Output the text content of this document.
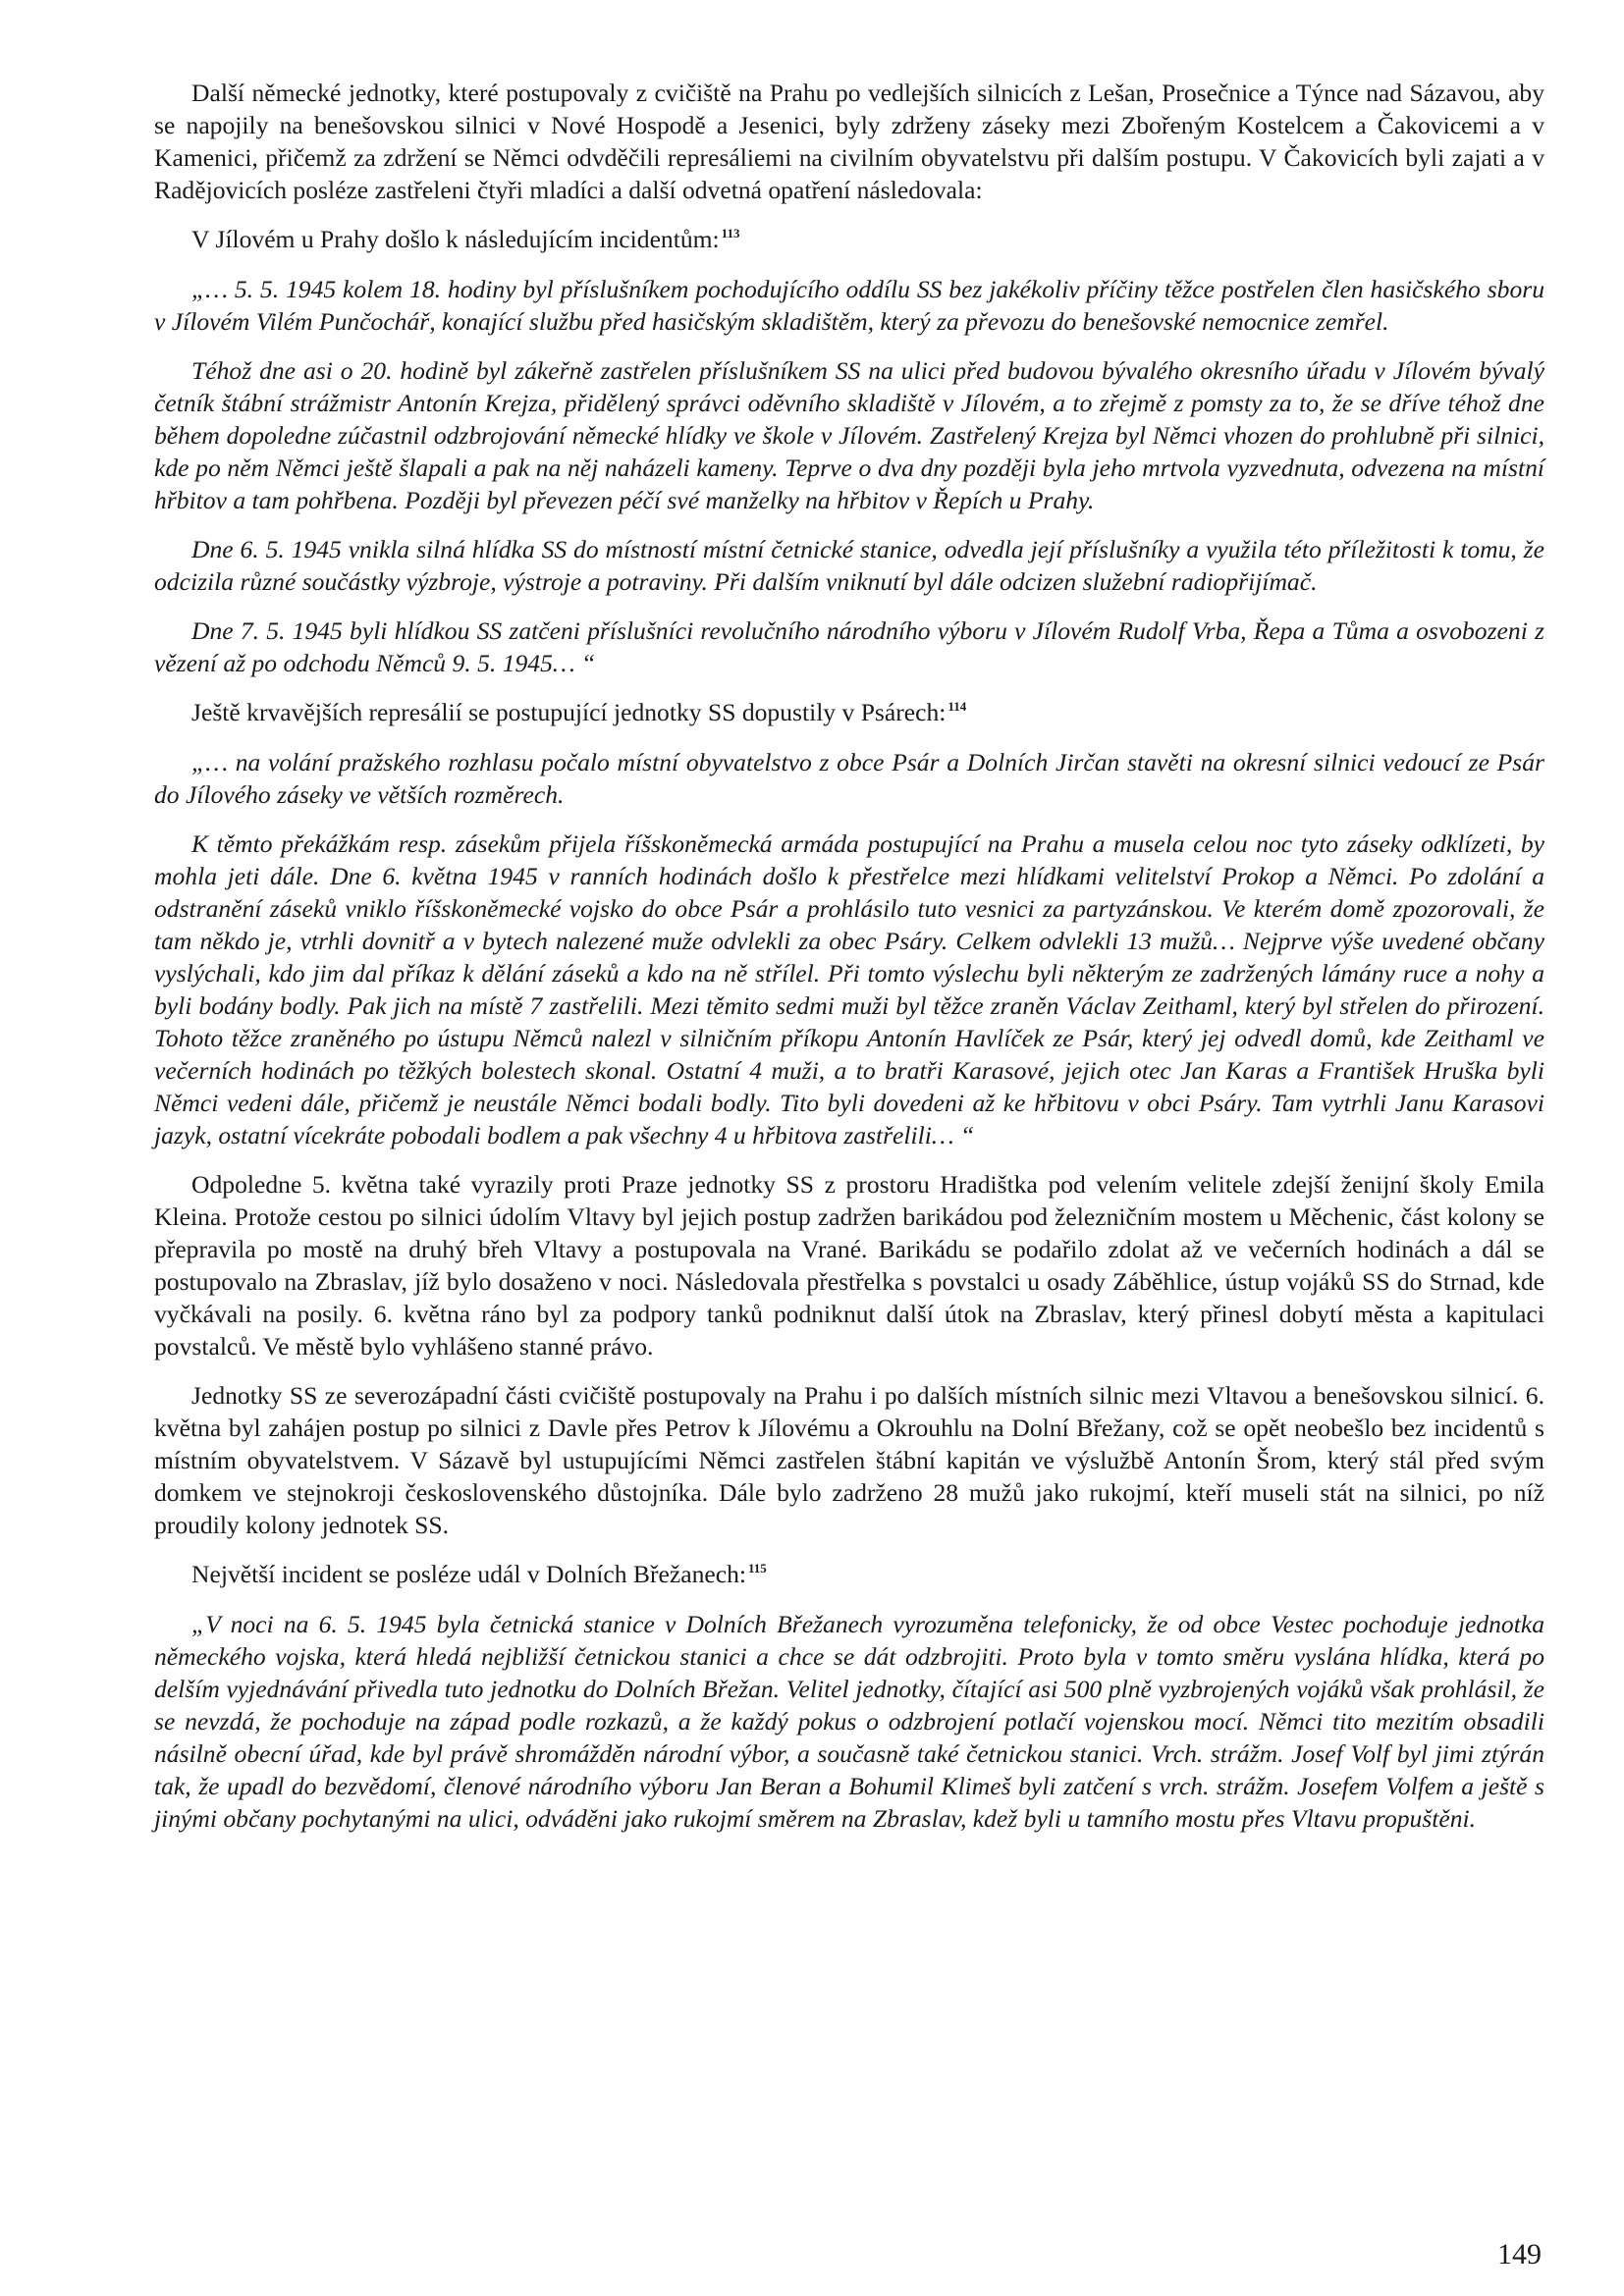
Další německé jednotky, které postupovaly z cvičiště na Prahu po vedlejších silnicích z Lešan, Prosečnice a Týnce nad Sázavou, aby se napojily na benešovskou silnici v Nové Hospodě a Jesenici, byly zdrženy záseky mezi Zbořeným Kostelcem a Čakovicemi a v Kamenici, přičemž za zdržení se Němci odvděčili represáliemi na civilním obyvatelstvu při dalším postupu. V Čakovicích byli zajati a v Radějovicích posléze zastřeleni čtyři mladíci a další odvetná opatření následovala:

V Jílovém u Prahy došlo k následujícím incidentům: $^{113}$

„… 5. 5. 1945 kolem 18. hodiny byl příslušníkem pochodujícího oddílu SS bez jakékoliv příčiny těžce postřelen člen hasičského sboru v Jílovém Vilém Punčochář, konající službu před hasičským skladištěm, který za převozu do benešovské nemocnice zemřel.

Téhož dne asi o 20. hodině byl zákeřně zastřelen příslušníkem SS na ulici před budovou bývalého okresního úřadu v Jílovém bývalý četník štábní strážmistr Antonín Krejza, přidělený správci oděvního skladiště v Jílovém, a to zřejmě z pomsty za to, že se dříve téhož dne během dopoledne zúčastnil odzbrojování německé hlídky ve škole v Jílovém. Zastřelený Krejza byl Němci vhozen do prohlubně při silnici, kde po něm Němci ještě šlapali a pak na něj naházeli kameny. Teprve o dva dny později byla jeho mrtvola vyzvednuta, odvezena na místní hřbitov a tam pohřbena. Později byl převezen péčí své manželky na hřbitov v Řepích u Prahy.

Dne 6. 5. 1945 vnikla silná hlídka SS do místností místní četnické stanice, odvedla její příslušníky a využila této příležitosti k tomu, že odcizila různé součástky výzbroje, výstroje a potraviny. Při dalším vniknutí byl dále odcizen služební radiopřijímač.

Dne 7. 5. 1945 byli hlídkou SS zatčeni příslušníci revolučního národního výboru v Jílovém Rudolf Vrba, Řepa a Tůma a osvobozeni z vězení až po odchodu Němců 9. 5. 1945… “

Ještě krvavějších represálií se postupující jednotky SS dopustily v Psárech: $^{114}$

„… na volání pražského rozhlasu počalo místní obyvatelstvo z obce Psár a Dolních Jirčan stavěti na okresní silnici vedoucí ze Psár do Jílového záseky ve větších rozměrech.

K těmto překážkám resp. zásekům přijela říšskoněmecká armáda postupující na Prahu a musela celou noc tyto záseky odklízeti, by mohla jeti dále. Dne 6. května 1945 v ranních hodinách došlo k přestřelce mezi hlídkami velitelství Prokop a Němci. Po zdolání a odstranění záseků vniklo říšskoněmecké vojsko do obce Psár a prohlásilo tuto vesnici za partyzánskou. Ve kterém domě zpozorovali, že tam někdo je, vtrhli dovnitř a v bytech nalezené muže odvlekli za obec Psáry. Celkem odvlekli 13 mužů… Nejprve výše uvedené občany vyslýchali, kdo jim dal příkaz k dělání záseků a kdo na ně střílel. Při tomto výslechu byli některým ze zadržených lámány ruce a nohy a byli bodány bodly. Pak jich na místě 7 zastřelili. Mezi těmito sedmi muži byl těžce zraněn Václav Zeithaml, který byl střelen do přirození. Tohoto těžce zraněného po ústupu Němců nalezl v silničním příkopu Antonín Havlíček ze Psár, který jej odvedl domů, kde Zeithaml ve večerních hodinách po těžkých bolestech skonal. Ostatní 4 muži, a to bratři Karasové, jejich otec Jan Karas a František Hruška byli Němci vedeni dále, přičemž je neustále Němci bodali bodly. Tito byli dovedeni až ke hřbitovu v obci Psáry. Tam vytrhli Janu Karasovi jazyk, ostatní vícekráte pobodali bodlem a pak všechny 4 u hřbitova zastřelili… “

Odpoledne 5. května také vyrazily proti Praze jednotky SS z prostoru Hradištka pod velením velitele zdejší ženijní školy Emila Kleina. Protože cestou po silnici údolím Vltavy byl jejich postup zadržen barikádou pod železničním mostem u Měchenic, část kolony se přepravila po mostě na druhý břeh Vltavy a postupovala na Vrané. Barikádu se podařilo zdolat až ve večerních hodinách a dál se postupovalo na Zbraslav, jíž bylo dosaženo v noci. Následovala přestřelka s povstalci u osady Záběhlice, ústup vojáků SS do Strnad, kde vyčkávali na posily. 6. května ráno byl za podpory tanků podniknut další útok na Zbraslav, který přinesl dobytí města a kapitulaci povstalců. Ve městě bylo vyhlášeno stanné právo.

Jednotky SS ze severozápadní části cvičiště postupovaly na Prahu i po dalších místních silnic mezi Vltavou a benešovskou silnicí. 6. května byl zahájen postup po silnici z Davle přes Petrov k Jílovému a Okrouhlu na Dolní Břežany, což se opět neobešlo bez incidentů s místním obyvatelstvem. V Sázavě byl ustupujícími Němci zastřelen štábní kapitán ve výslužbě Antonín Šrom, který stál před svým domkem ve stejnokroji československého důstojníka. Dále bylo zadrženo 28 mužů jako rukojmí, kteří museli stát na silnici, po níž proudily kolony jednotek SS.

Největší incident se posléze udál v Dolních Břežanech: $^{115}$

„V noci na 6. 5. 1945 byla četnická stanice v Dolních Břežanech vyrozuměna telefonicky, že od obce Vestec pochoduje jednotka německého vojska, která hledá nejbližší četnickou stanici a chce se dát odzbrojiti. Proto byla v tomto směru vyslána hlídka, která po delším vyjednávání přivedla tuto jednotku do Dolních Břežan. Velitel jednotky, čítající asi 500 plně vyzbrojených vojáků však prohlásil, že se nevzdá, že pochoduje na západ podle rozkazů, a že každý pokus o odzbrojení potlačí vojenskou mocí. Němci tito mezitím obsadili násilně obecní úřad, kde byl právě shromážděn národní výbor, a současně také četnickou stanici. Vrch. strážm. Josef Volf byl jimi ztýrán tak, že upadl do bezvědomí, členové národního výboru Jan Beran a Bohumil Klimeš byli zatčení s vrch. strážm. Josefem Volfem a ještě s jinými občany pochytanými na ulici, odváděni jako rukojmí směrem na Zbraslav, kdež byli u tamního mostu přes Vltavu propuštěni.

149
